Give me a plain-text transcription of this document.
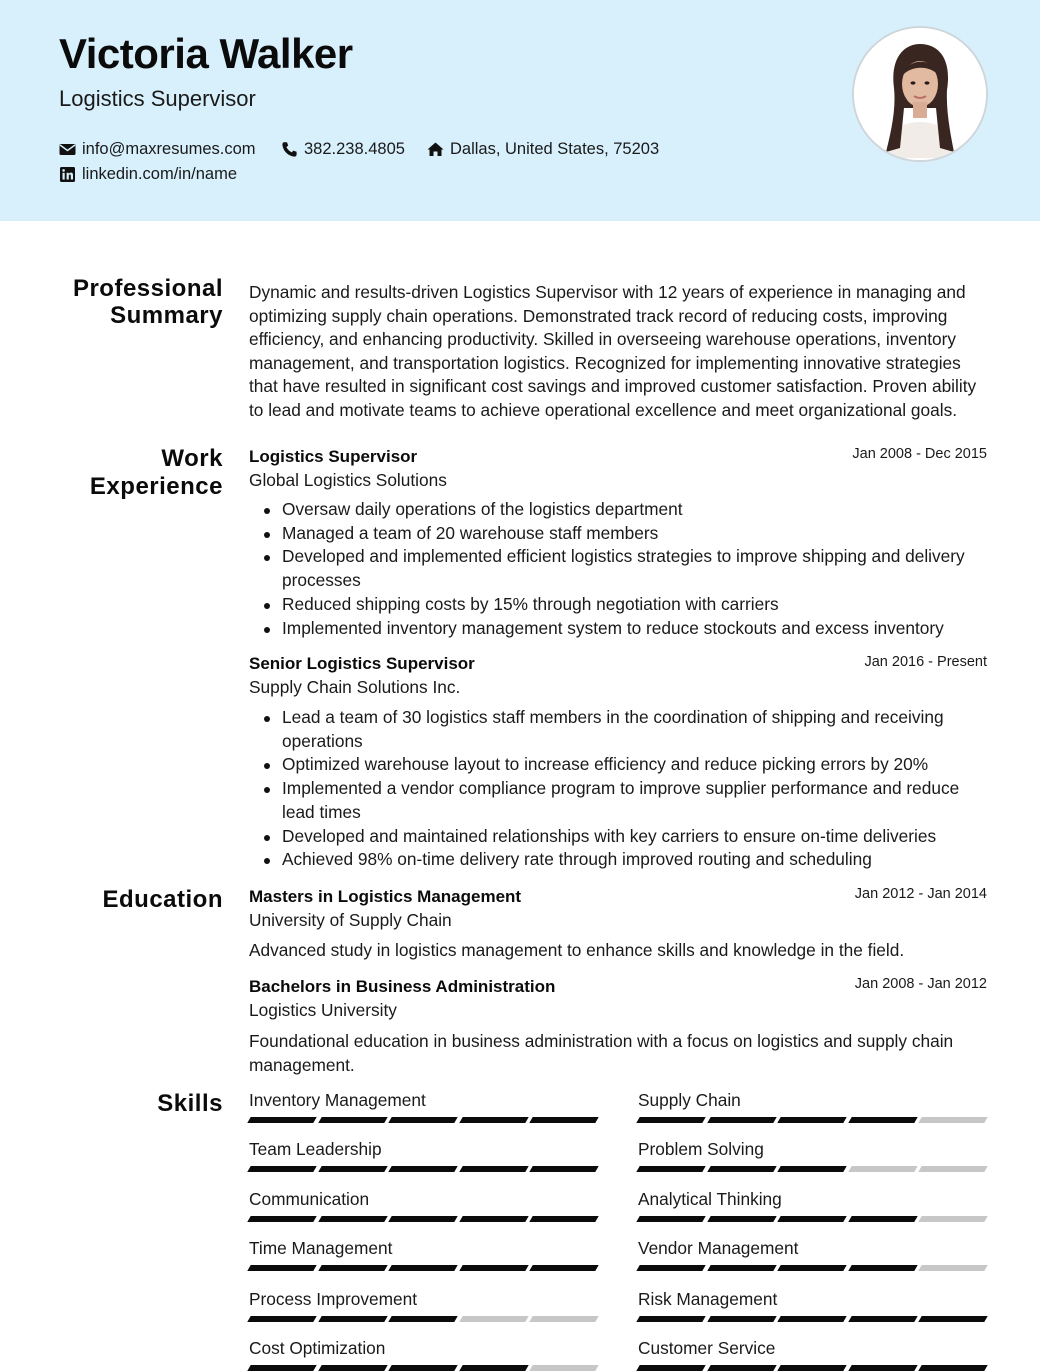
Victoria Walker
Logistics Supervisor
info@maxresumes.com	382.238.4805	Dallas, United States, 75203
linkedin.com/in/name
Professional
Summary
Dynamic and results-driven Logistics Supervisor with 12 years of experience in managing and optimizing supply chain operations. Demonstrated track record of reducing costs, improving efficiency, and enhancing productivity. Skilled in overseeing warehouse operations, inventory management, and transportation logistics. Recognized for implementing innovative strategies that have resulted in significant cost savings and improved customer satisfaction. Proven ability to lead and motivate teams to achieve operational excellence and meet organizational goals.
Work
Experience
Logistics Supervisor	Jan 2008 - Dec 2015
Global Logistics Solutions
Oversaw daily operations of the logistics department
Managed a team of 20 warehouse staff members
Developed and implemented efficient logistics strategies to improve shipping and delivery processes
Reduced shipping costs by 15% through negotiation with carriers
Implemented inventory management system to reduce stockouts and excess inventory
Senior Logistics Supervisor	Jan 2016 - Present
Supply Chain Solutions Inc.
Lead a team of 30 logistics staff members in the coordination of shipping and receiving operations
Optimized warehouse layout to increase efficiency and reduce picking errors by 20%
Implemented a vendor compliance program to improve supplier performance and reduce lead times
Developed and maintained relationships with key carriers to ensure on-time deliveries
Achieved 98% on-time delivery rate through improved routing and scheduling
Education Masters in Logistics Management	Jan 2012 - Jan 2014
University of Supply Chain
Advanced study in logistics management to enhance skills and knowledge in the field.
Bachelors in Business Administration	Jan 2008 - Jan 2012
Logistics University
Foundational education in business administration with a focus on logistics and supply chain management.
Skills Inventory Management	Supply Chain
Team Leadership	Problem Solving
Communication	Analytical Thinking
Time Management	Vendor Management
Process Improvement	Risk Management
Cost Optimization	Customer Service
